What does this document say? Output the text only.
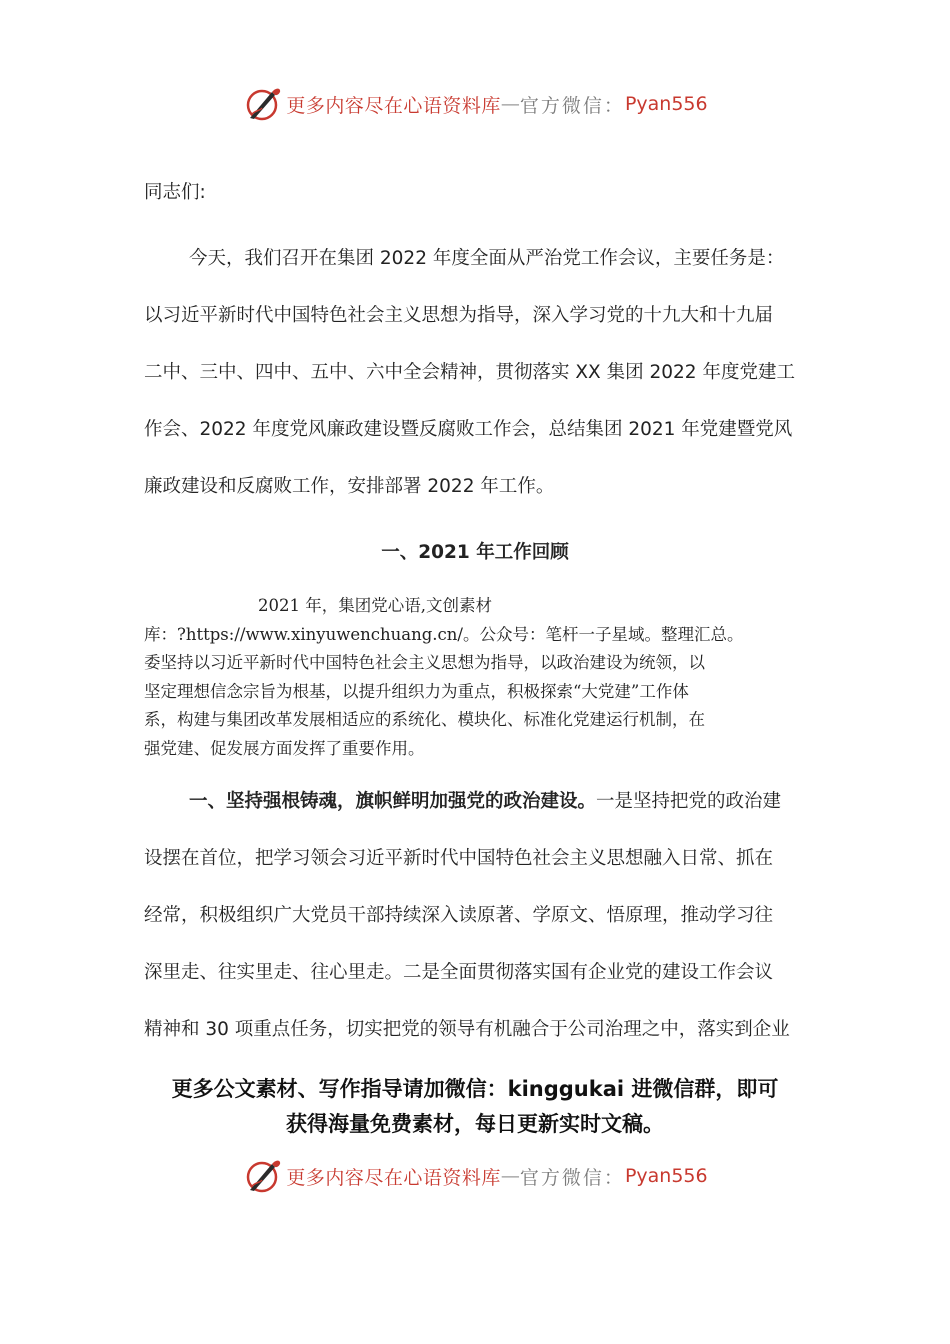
更多内容尽在心语资料库 — 官方微信： Pyan556
同志们:
今天，我们召开在集团 2022 年度全面从严治党工作会议，主要任务是：
以习近平新时代中国特色社会主义思想为指导，深入学习党的十九大和十九届
二中、三中、四中、五中、六中全会精神，贯彻落实 XX 集团 2022 年度党建工
作会、2022 年度党风廉政建设暨反腐败工作会，总结集团 2021 年党建暨党风
廉政建设和反腐败工作，安排部署 2022 年工作。
一、2021 年工作回顾
2021 年，集团党心语,文创素材
库：?https://www.xinyuwenchuang.cn/。公众号：笔杆一子星域。整理汇总。
委坚持以习近平新时代中国特色社会主义思想为指导，以政治建设为统领，以
坚定理想信念宗旨为根基，以提升组织力为重点，积极探索“大党建”工作体
系，构建与集团改革发展相适应的系统化、模块化、标准化党建运行机制，在
强党建、促发展方面发挥了重要作用。
一、坚持强根铸魂，旗帜鲜明加强党的政治建设。一是坚持把党的政治建
设摆在首位，把学习领会习近平新时代中国特色社会主义思想融入日常、抓在
经常，积极组织广大党员干部持续深入读原著、学原文、悟原理，推动学习往
深里走、往实里走、往心里走。二是全面贯彻落实国有企业党的建设工作会议
精神和 30 项重点任务，切实把党的领导有机融合于公司治理之中，落实到企业
更多公文素材、写作指导请加微信：kinggukai 进微信群，即可
获得海量免费素材，每日更新实时文稿。
更多内容尽在心语资料库 — 官方微信： Pyan556
